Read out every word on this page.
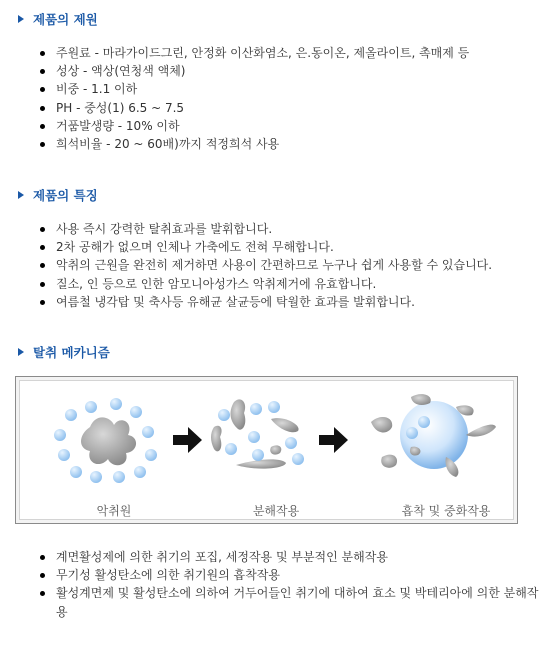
제품의 제원
주원료 - 마라가이드그린, 안정화 이산화염소, 은.동이온, 제올라이트, 촉매제 등
성상 - 액상(연청색 액체)
비중 - 1.1 이하
PH - 중성(1) 6.5 ~ 7.5
거품발생량 - 10% 이하
희석비율 - 20 ~ 60배)까지 적정희석 사용
제품의 특징
사용 즉시 강력한 탈취효과를 발휘합니다.
2차 공해가 없으며 인체나 가축에도 전혀 무해합니다.
악취의 근원을 완전히 제거하면 사용이 간편하므로 누구나 쉽게 사용할 수 있습니다.
질소, 인 등으로 인한 암모니아성가스 악취제거에 유효합니다.
여름철 냉각탑 및 축사등 유해균 살균등에 탁월한 효과를 발휘합니다.
탈취 메카니즘
악취원	분해작용	흡착 및 중화작용
계면활성제에 의한 취기의 포집, 세정작용 및 부분적인 분해작용
무기성 활성탄소에 의한 취기원의 흡착작용
활성계면제 및 활성탄소에 의하여 거두어들인 취기에 대하여 효소 및 박테리아에 의한 분해작용
